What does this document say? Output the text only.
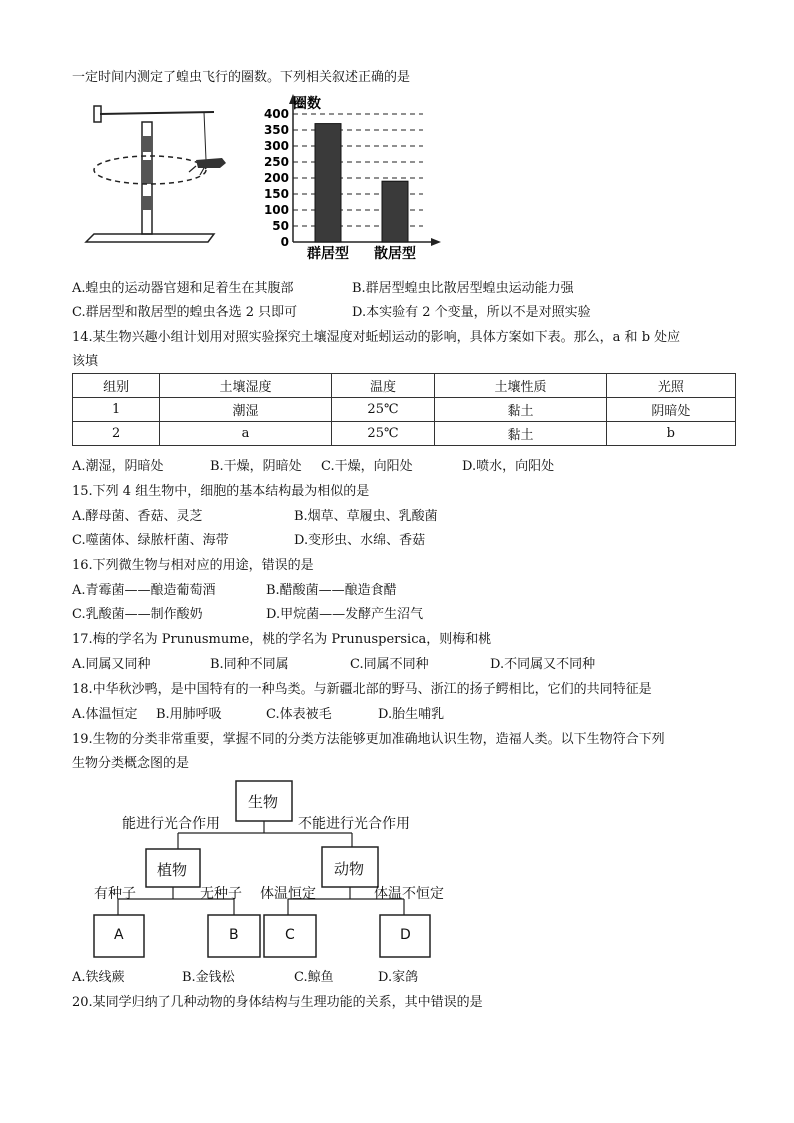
一定时间内测定了蝗虫飞行的圈数。下列相关叙述正确的是
0
50
100
150
200
250
300
350
400
群居型 散居型
圈数
A.蝗虫的运动器官翅和足着生在其腹部	B.群居型蝗虫比散居型蝗虫运动能力强
C.群居型和散居型的蝗虫各选 2 只即可	D.本实验有 2 个变量，所以不是对照实验
14.某生物兴趣小组计划用对照实验探究土壤湿度对蚯蚓运动的影响，具体方案如下表。那么，a 和 b 处应
该填
组别	土壤湿度	温度	土壤性质	光照
1	潮湿	25℃	黏土	阴暗处
2	a	25℃	黏土	b
A.潮湿，阴暗处	B.干燥，阴暗处 C.干燥，向阳处	D.喷水，向阳处
15.下列 4 组生物中，细胞的基本结构最为相似的是
A.酵母菌、香菇、灵芝	B.烟草、草履虫、乳酸菌
C.噬菌体、绿脓杆菌、海带	D.变形虫、水绵、香菇
16.下列微生物与相对应的用途，错误的是
A.青霉菌——酿造葡萄酒	B.醋酸菌——酿造食醋
C.乳酸菌——制作酸奶	D.甲烷菌——发酵产生沼气
17.梅的学名为 Prunusmume，桃的学名为 Prunuspersica，则梅和桃
A.同属又同种	B.同种不同属	C.同属不同种	D.不同属又不同种
18.中华秋沙鸭，是中国特有的一种鸟类。与新疆北部的野马、浙江的扬子鳄相比，它们的共同特征是
A.体温恒定 B.用肺呼吸	C.体表被毛	D.胎生哺乳
19.生物的分类非常重要，掌握不同的分类方法能够更加准确地认识生物，造福人类。以下生物符合下列
生物分类概念图的是
生物
能进行光合作用	不能进行光合作用
植物	动物
有种子	无种子 体温恒定	体温不恒定
A	B	C	D
A.铁线蕨	B.金钱松	C.鲸鱼	D.家鸽
20.某同学归纳了几种动物的身体结构与生理功能的关系，其中错误的是
